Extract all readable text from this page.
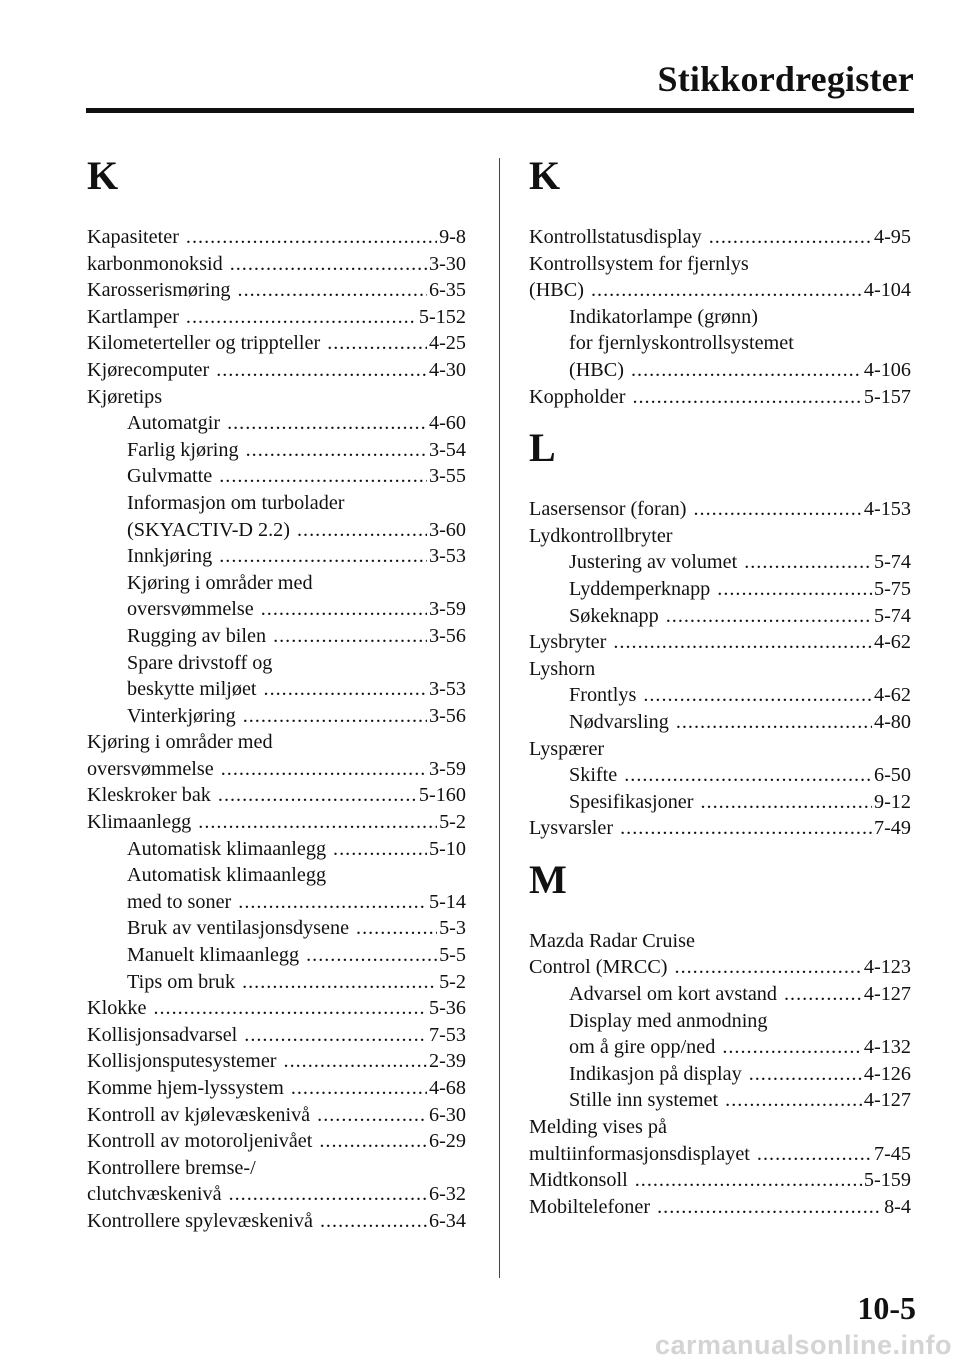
Stikkordregister
K
Kapasiteter .....	9-8
karbonmonoksid .....	3-30
Karosserismøring .....	6-35
Kartlamper .....	5-152
Kilometerteller og trippteller .....	4-25
Kjørecomputer .....	4-30
Kjøretips
Automatgir .....	4-60
Farlig kjøring .....	3-54
Gulvmatte .....	3-55
Informasjon om turbolader
(SKYACTIV-D 2.2) .....	3-60
Innkjøring .....	3-53
Kjøring i områder med
oversvømmelse .....	3-59
Rugging av bilen .....	3-56
Spare drivstoff og
beskytte miljøet .....	3-53
Vinterkjøring .....	3-56
Kjøring i områder med
oversvømmelse .....	3-59
Kleskroker bak .....	5-160
Klimaanlegg .....	5-2
Automatisk klimaanlegg .....	5-10
Automatisk klimaanlegg
med to soner .....	5-14
Bruk av ventilasjonsdysene .....	5-3
Manuelt klimaanlegg .....	5-5
Tips om bruk .....	5-2
Klokke .....	5-36
Kollisjonsadvarsel .....	7-53
Kollisjonsputesystemer .....	2-39
Komme hjem-lyssystem .....	4-68
Kontroll av kjølevæskenivå .....	6-30
Kontroll av motoroljenivået .....	6-29
Kontrollere bremse-/
clutchvæskenivå .....	6-32
Kontrollere spylevæskenivå .....	6-34
K
Kontrollstatusdisplay .....	4-95
Kontrollsystem for fjernlys
(HBC) .....	4-104
Indikatorlampe (grønn)
for fjernlyskontrollsystemet
(HBC) .....	4-106
Koppholder .....	5-157
L
Lasersensor (foran) .....	4-153
Lydkontrollbryter
Justering av volumet .....	5-74
Lyddemperknapp .....	5-75
Søkeknapp .....	5-74
Lysbryter .....	4-62
Lyshorn
Frontlys .....	4-62
Nødvarsling .....	4-80
Lyspærer
Skifte .....	6-50
Spesifikasjoner .....	9-12
Lysvarsler .....	7-49
M
Mazda Radar Cruise
Control (MRCC) .....	4-123
Advarsel om kort avstand .....	4-127
Display med anmodning
om å gire opp/ned .....	4-132
Indikasjon på display .....	4-126
Stille inn systemet .....	4-127
Melding vises på
multiinformasjonsdisplayet .....	7-45
Midtkonsoll .....	5-159
Mobiltelefoner .....	8-4
10-5
carmanualsonline.info
